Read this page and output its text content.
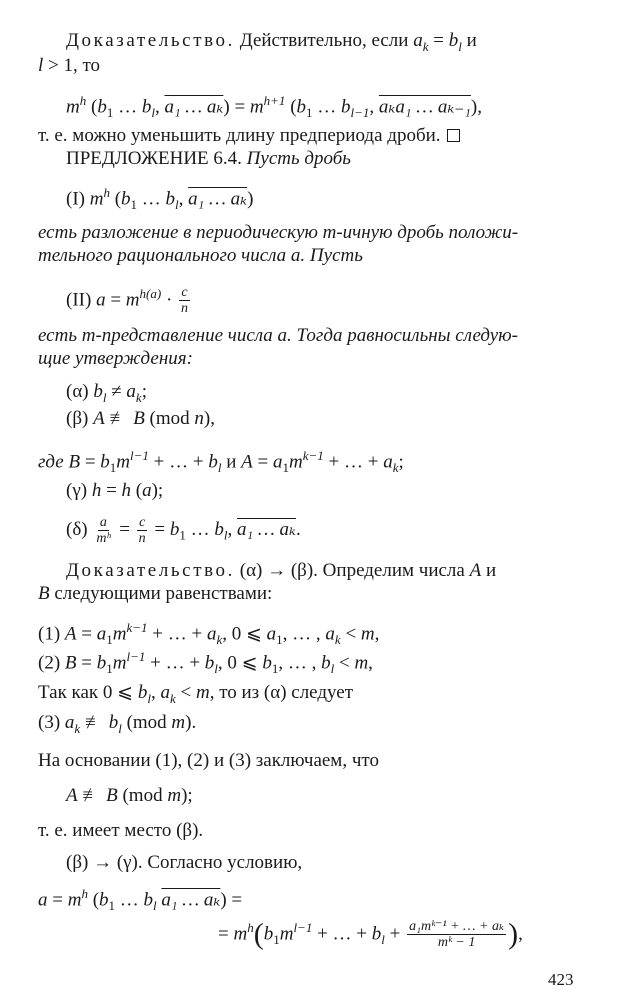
Доказательство. Действительно, если $a_k = b_l$ и
l > 1, то
$m^h$ ($b_1$ … $b_l$, a₁ … $a_k) = m^{h+1}$ ($b_1$ … $b_{l-1}$, aₖa₁ … aₖ₋₁),
т. е. можно уменьшить длину предпериода дроби.
ПРЕДЛОЖЕНИЕ 6.4. Пусть дробь
(I) $m^h$ ($b_1$ … $b_l$, a₁ … aₖ)
есть разложение в периодическую m-ичную дробь положи-
тельного рационального числа a. Пусть
(II) $a = m^{h(a)} \cdot \frac{c}{n}$
есть m-представление числа a. Тогда равносильны следую-
щие утверждения:
(α) $b_l \ne a_k$;
(β) A ≢ B (mod n),
где $B = b_1m^{l-1}$ + … + $b_l$ и $A = a_1m^{k-1}$ + … + $a_k$;
(γ) h = h (a);
$(\delta) \frac{a}{\text{mʰ}} = \frac{c}{n} = b_1$ … $b_l$, a₁ … aₖ.
Доказательство. (α) → (β). Определим числа A и
B следующими равенствами:
(1) $A = a_1m^{k-1}$ + … + $a_k$, 0 ⩽ $a_1$, … , $a_k < m$,
(2) $B = b_1m^{l-1}$ + … + $b_l$, 0 ⩽ $b_1$, … , $b_l < m$,
Так как 0 ⩽ $b_l$, $a_k < m$, то из (α) следует
(3) $a_k$ ≢ $b_l$ (mod m).
На основании (1), (2) и (3) заключаем, что
A ≢ B (mod m);
т. е. имеет место (β).
(β) → (γ). Согласно условию,
$a = m^h$ ($b_1$ … $b_l$ a₁ … aₖ) =
= $m^h(b_1m^{l-1}$ + … + $b_l + \frac{\text{a₁mᵏ⁻¹ + … + aₖ}}{\text{mᵏ − 1}}$ ),
423
